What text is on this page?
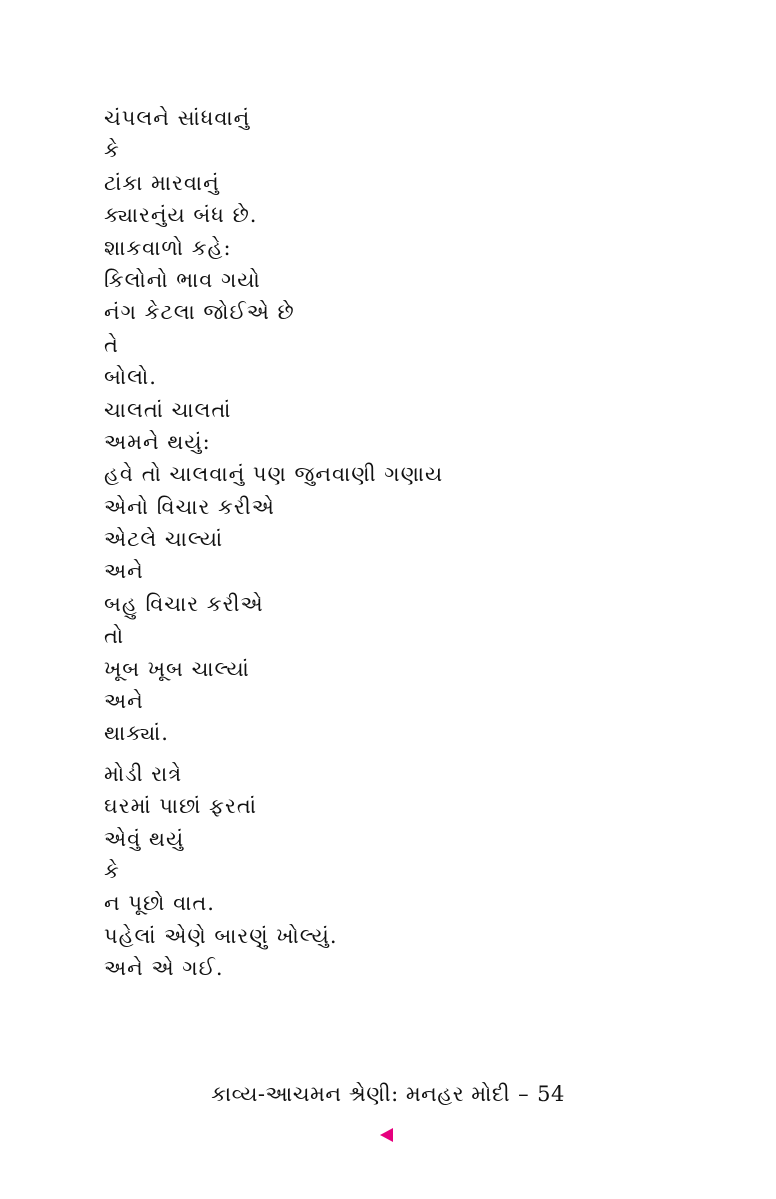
ચંપલને સાંધવાનું
કે
ટાંકા મારવાનું
ક્યારનુંય બંધ છે.
શાકવાળો કહે:
કિલોનો ભાવ ગયો
નંગ કેટલા જોઈએ છે
તે
બોલો.
ચાલતાં ચાલતાં
અમને થયું:
હવે તો ચાલવાનું પણ જુનવાણી ગણાય
એનો વિચાર કરીએ
એટલે ચાલ્યાં
અને
બહુ વિચાર કરીએ
તો
ખૂબ ખૂબ ચાલ્યાં
અને
થાક્યાં.
મોડી રાત્રે
ઘરમાં પાછાં ફરતાં
એવું થયું
કે
ન પૂછો વાત.
પહેલાં એણે બારણું ખોલ્યું.
અને એ ગઈ.
કાવ્ય-આચમન શ્રેણી: મનહર મોદી – 54
